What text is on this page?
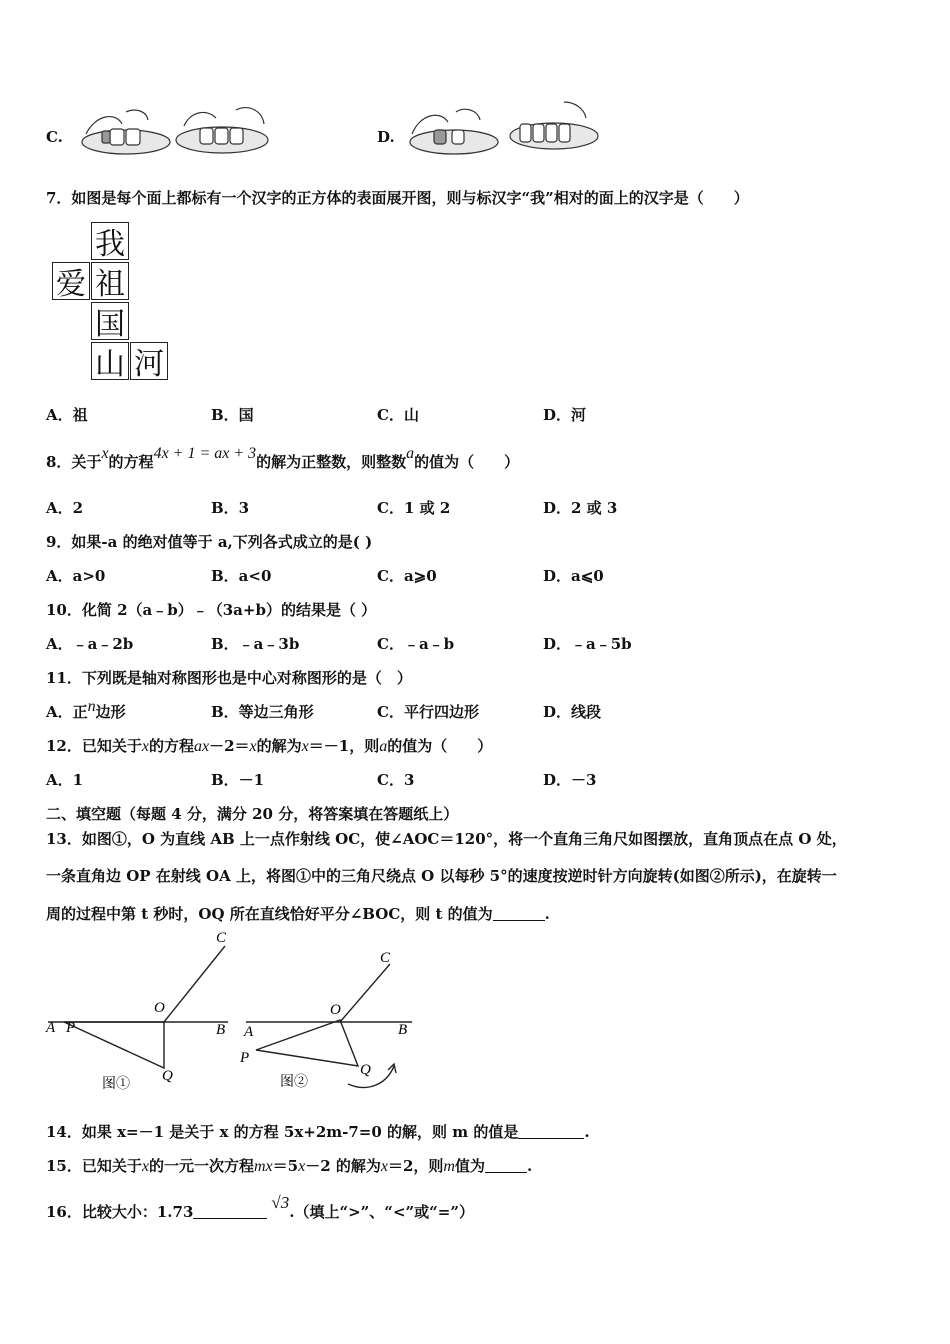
C.	D.
7．如图是每个面上都标有一个汉字的正方体的表面展开图，则与标汉字“我”相对的面上的汉字是（　　）
我
爱 祖
国
山 河
A．祖	B．国	C．山	D．河
8．关于x的方程4x + 1 = ax + 3的解为正整数，则整数a的值为（　　）
A．2	B．3	C．1 或 2	D．2 或 3
9．如果-a 的绝对值等于 a,下列各式成立的是( )
A．a>0	B．a<0	C．a⩾0	D．a⩽0
10．化简 2（a﹣b）﹣（3a+b）的结果是（ ）
A．﹣a﹣2b	B．﹣a﹣3b	C．﹣a﹣b	D．﹣a﹣5b
11．下列既是轴对称图形也是中心对称图形的是（　）
A．正n边形	B．等边三角形	C．平行四边形	D．线段
12．已知关于x的方程ax－2＝x的解为x＝－1，则a的值为（　　）
A．1	B．－1	C．3	D．－3
二、填空题（每题 4 分，满分 20 分，将答案填在答题纸上）
13．如图①，O 为直线 AB 上一点作射线 OC，使∠AOC＝120°，将一个直角三角尺如图摆放，直角顶点在点 O 处，
一条直角边 OP 在射线 OA 上，将图①中的三角尺绕点 O 以每秒 5°的速度按逆时针方向旋转(如图②所示)，在旋转一
周的过程中第 t 秒时，OQ 所在直线恰好平分∠BOC，则 t 的值为	.
A P
O
B
C
Q
图①
A
P
O
B
C
Q
图②
14．如果 x=－1 是关于 x 的方程 5x+2m-7=0 的解，则 m 的值是	.
15．已知关于x的一元一次方程mx＝5x－2 的解为x＝2，则m值为	.
16．比较大小：1.73	√3.（填上“>”、“<”或“=”）
